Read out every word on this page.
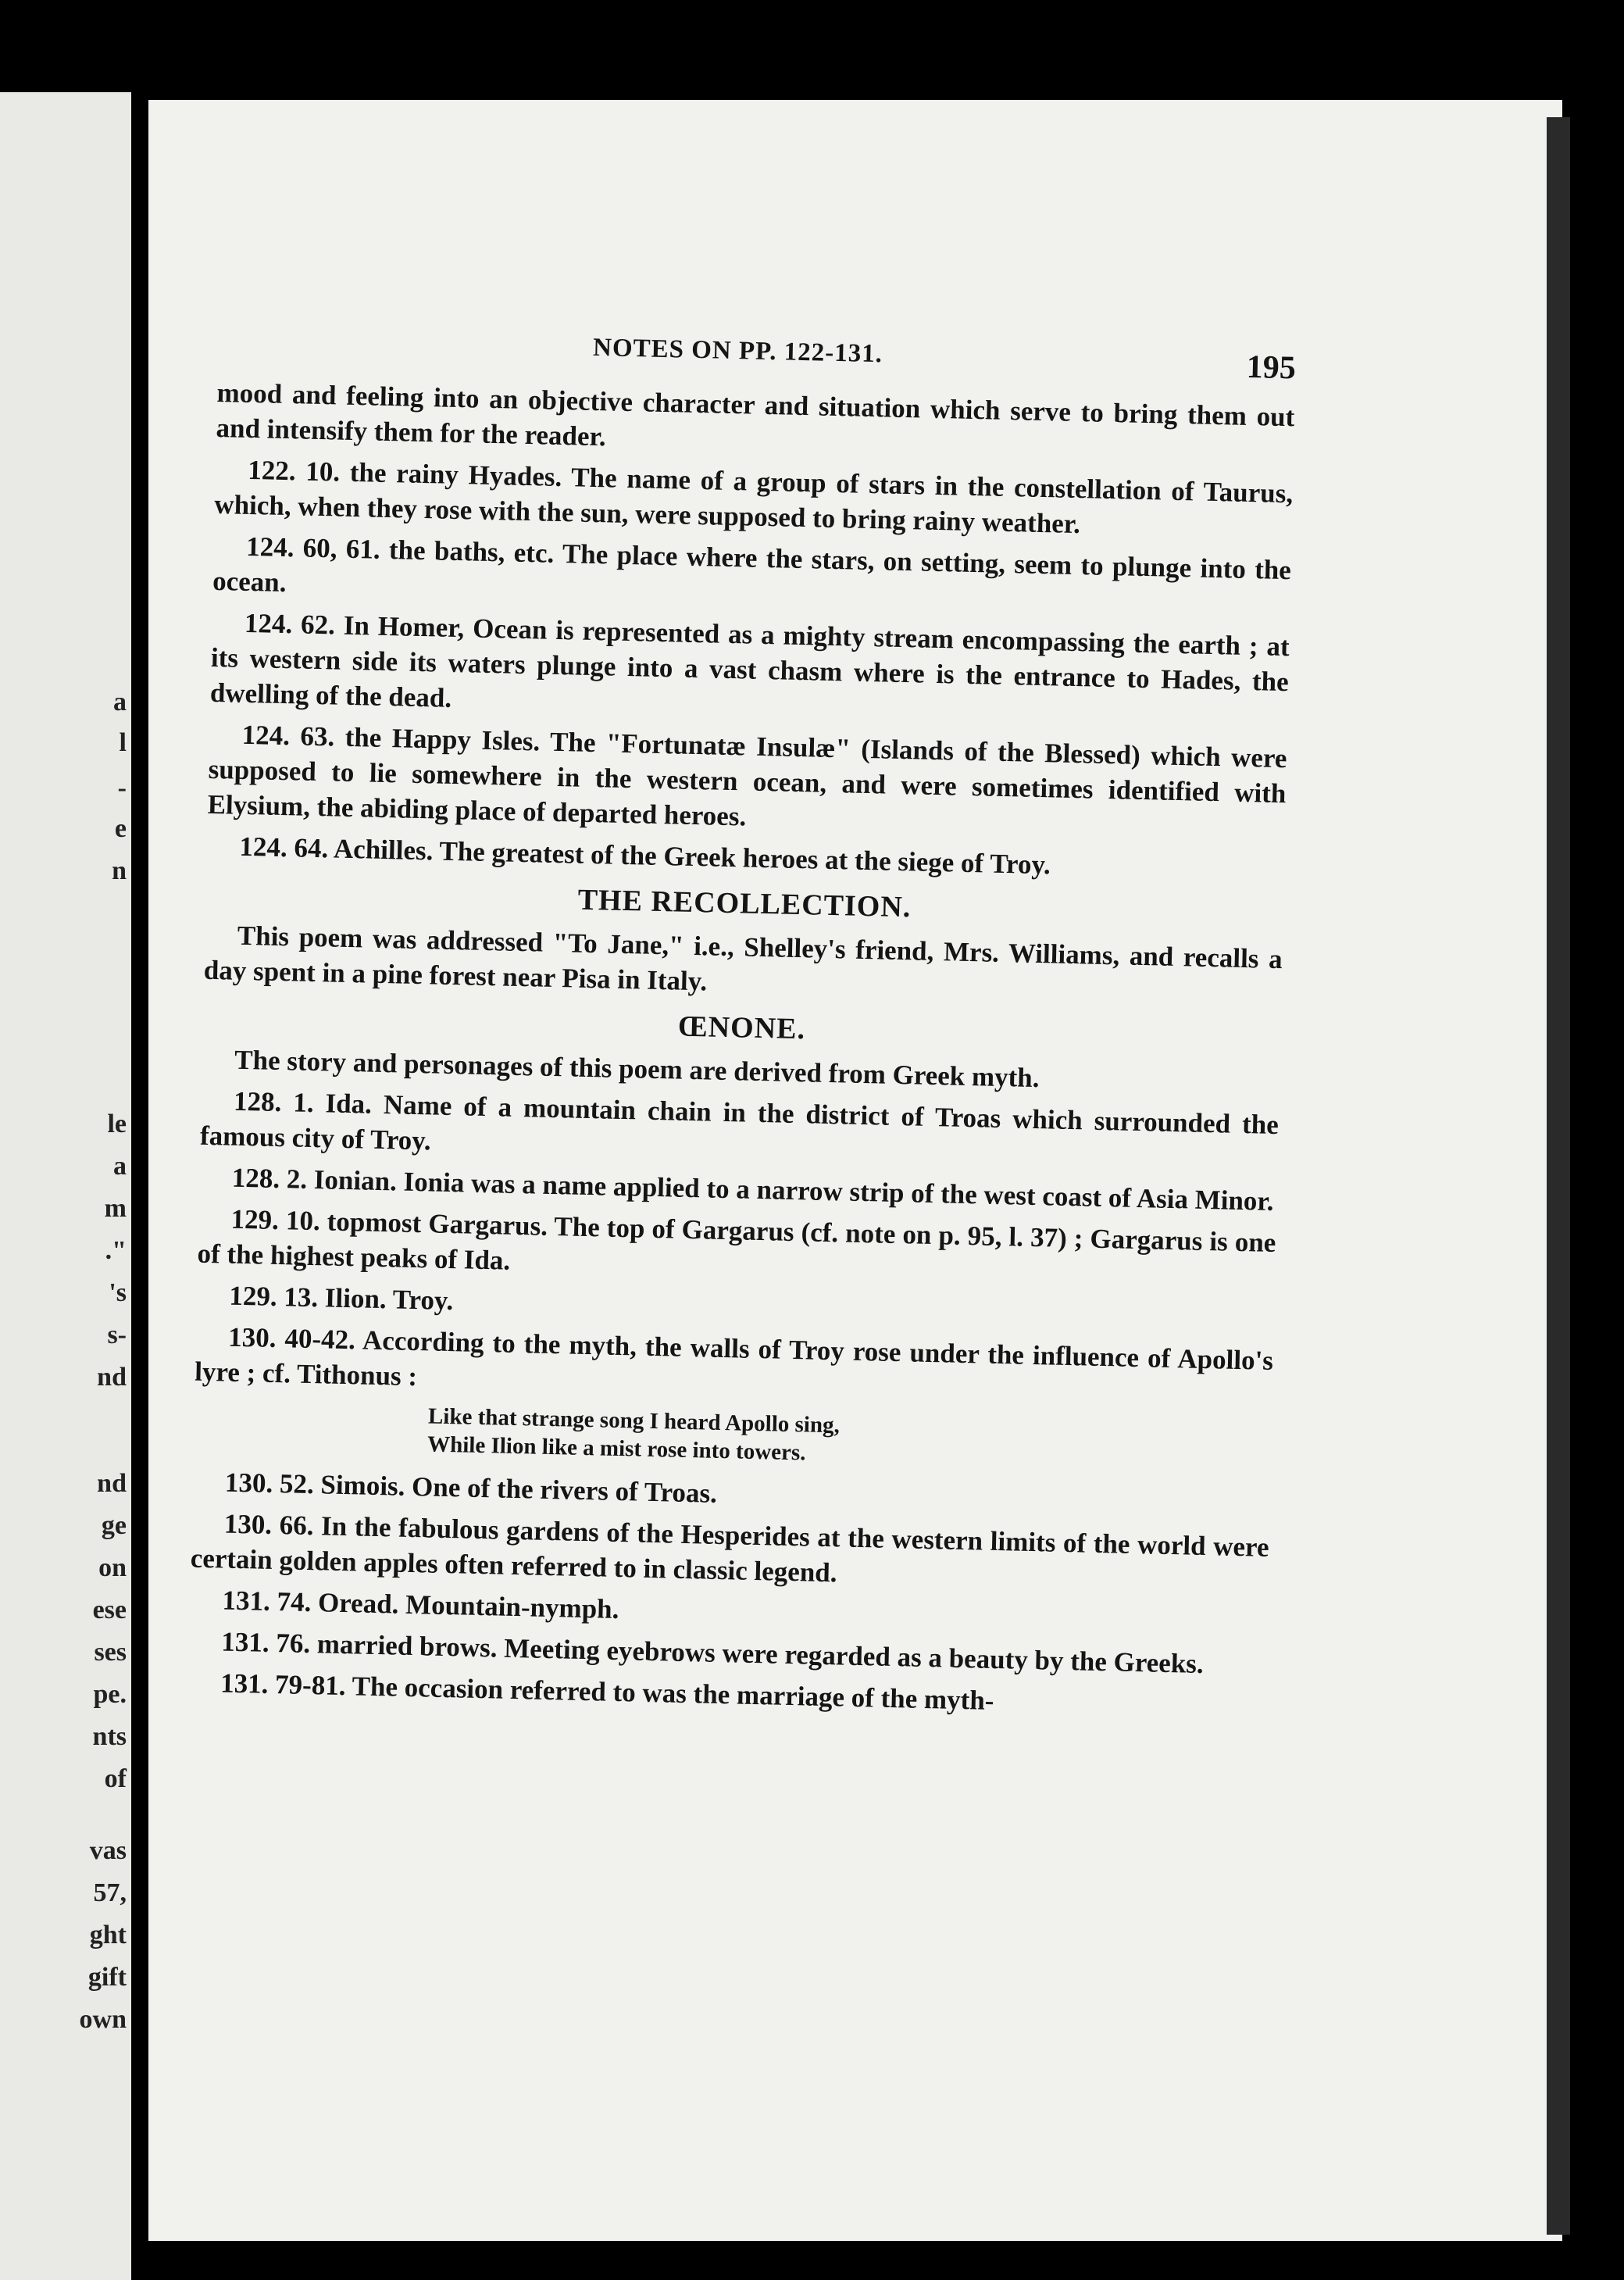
a
l
-
e
n
le
a
m
."
's
s-
nd
nd
ge
on
ese
ses
pe.
nts
of
vas
57,
ght
gift
own
NOTES ON PP. 122-131.	195

mood and feeling into an objective character and situation which serve to bring them out and intensify them for the reader.

122. 10. the rainy Hyades. The name of a group of stars in the constellation of Taurus, which, when they rose with the sun, were supposed to bring rainy weather.

124. 60, 61. the baths, etc. The place where the stars, on setting, seem to plunge into the ocean.

124. 62. In Homer, Ocean is represented as a mighty stream encompassing the earth ; at its western side its waters plunge into a vast chasm where is the entrance to Hades, the dwelling of the dead.

124. 63. the Happy Isles. The "Fortunatæ Insulæ" (Islands of the Blessed) which were supposed to lie somewhere in the western ocean, and were sometimes identified with Elysium, the abiding place of departed heroes.

124. 64. Achilles. The greatest of the Greek heroes at the siege of Troy.

THE RECOLLECTION.

This poem was addressed "To Jane," i.e., Shelley's friend, Mrs. Williams, and recalls a day spent in a pine forest near Pisa in Italy.

ŒNONE.

The story and personages of this poem are derived from Greek myth.

128. 1. Ida. Name of a mountain chain in the district of Troas which surrounded the famous city of Troy.

128. 2. Ionian. Ionia was a name applied to a narrow strip of the west coast of Asia Minor.

129. 10. topmost Gargarus. The top of Gargarus (cf. note on p. 95, l. 37) ; Gargarus is one of the highest peaks of Ida.

129. 13. Ilion. Troy.

130. 40-42. According to the myth, the walls of Troy rose under the influence of Apollo's lyre ; cf. Tithonus :

Like that strange song I heard Apollo sing,
While Ilion like a mist rose into towers.

130. 52. Simois. One of the rivers of Troas.

130. 66. In the fabulous gardens of the Hesperides at the western limits of the world were certain golden apples often referred to in classic legend.

131. 74. Oread. Mountain-nymph.

131. 76. married brows. Meeting eyebrows were regarded as a beauty by the Greeks.

131. 79-81. The occasion referred to was the marriage of the myth-
